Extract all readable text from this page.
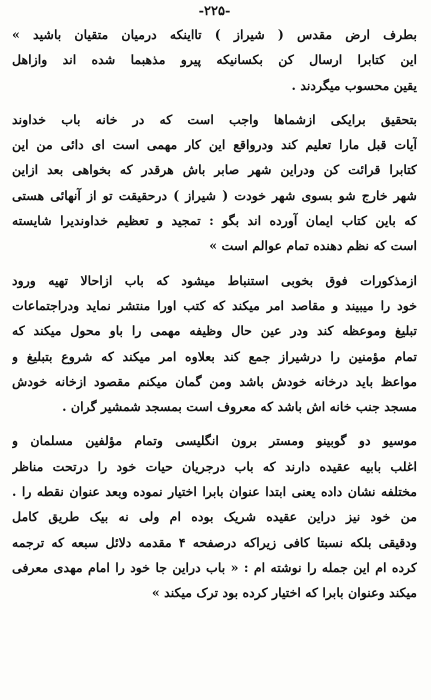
-۲۲۵-
بطرف ارض مقدس ( شیراز ) تااینکه درمیان متقیان باشید »
این کتابرا ارسال کن بکسانیکه پیرو مذهبما شده اند وازاهل
یقین محسوب میگردند .
بتحقیق برایکی ازشماها واجب است که در خانه باب خداوند
آیات قبل مارا تعلیم کند ودرواقع این کار مهمی است ای دائی من این
کتابرا قرائت کن ودراین شهر صابر باش هرقدر که بخواهی بعد ازاین
شهر خارج شو بسوی شهر خودت ( شیراز ) درحقیقت تو از آنهائی هستی
که باین کتاب ایمان آورده اند بگو : تمجید و تعظیم خداوندیرا شایسته
است که نظم دهنده تمام عوالم است »
ازمذکورات فوق بخوبی استنباط میشود که باب ازاحالا تهیه ورود
خود را میبیند و مقاصد امر میکند که کتب اورا منتشر نماید ودراجتماعات
تبلیغ وموعظه کند ودر عین حال وظیفه مهمی را باو محول میکند که
تمام مؤمنین را درشیراز جمع کند بعلاوه امر میکند که شروع بتبلیغ و
مواعظ باید درخانه خودش باشد ومن گمان میکنم مقصود ازخانه خودش
مسجد جنب خانه اش باشد که معروف است بمسجد شمشیر گران .
موسیو دو گوبینو ومستر برون انگلیسی وتمام مؤلفین مسلمان و
اغلب بابیه عقیده دارند که باب درجریان حیات خود را درتحت مناظر
مختلفه نشان داده یعنی ابتدا عنوان بابرا اختیار نموده وبعد عنوان نقطه را .
من خود نیز دراین عقیده شریک بوده ام ولی نه بیک طریق کامل
ودقیقی بلکه نسبتا کافی زیراکه درصفحه ۴ مقدمه دلائل سبعه که ترجمه
کرده ام این جمله را نوشته ام : « باب دراین جا خود را امام مهدی معرفی
میکند وعنوان بابرا که اختیار کرده بود ترک میکند »
